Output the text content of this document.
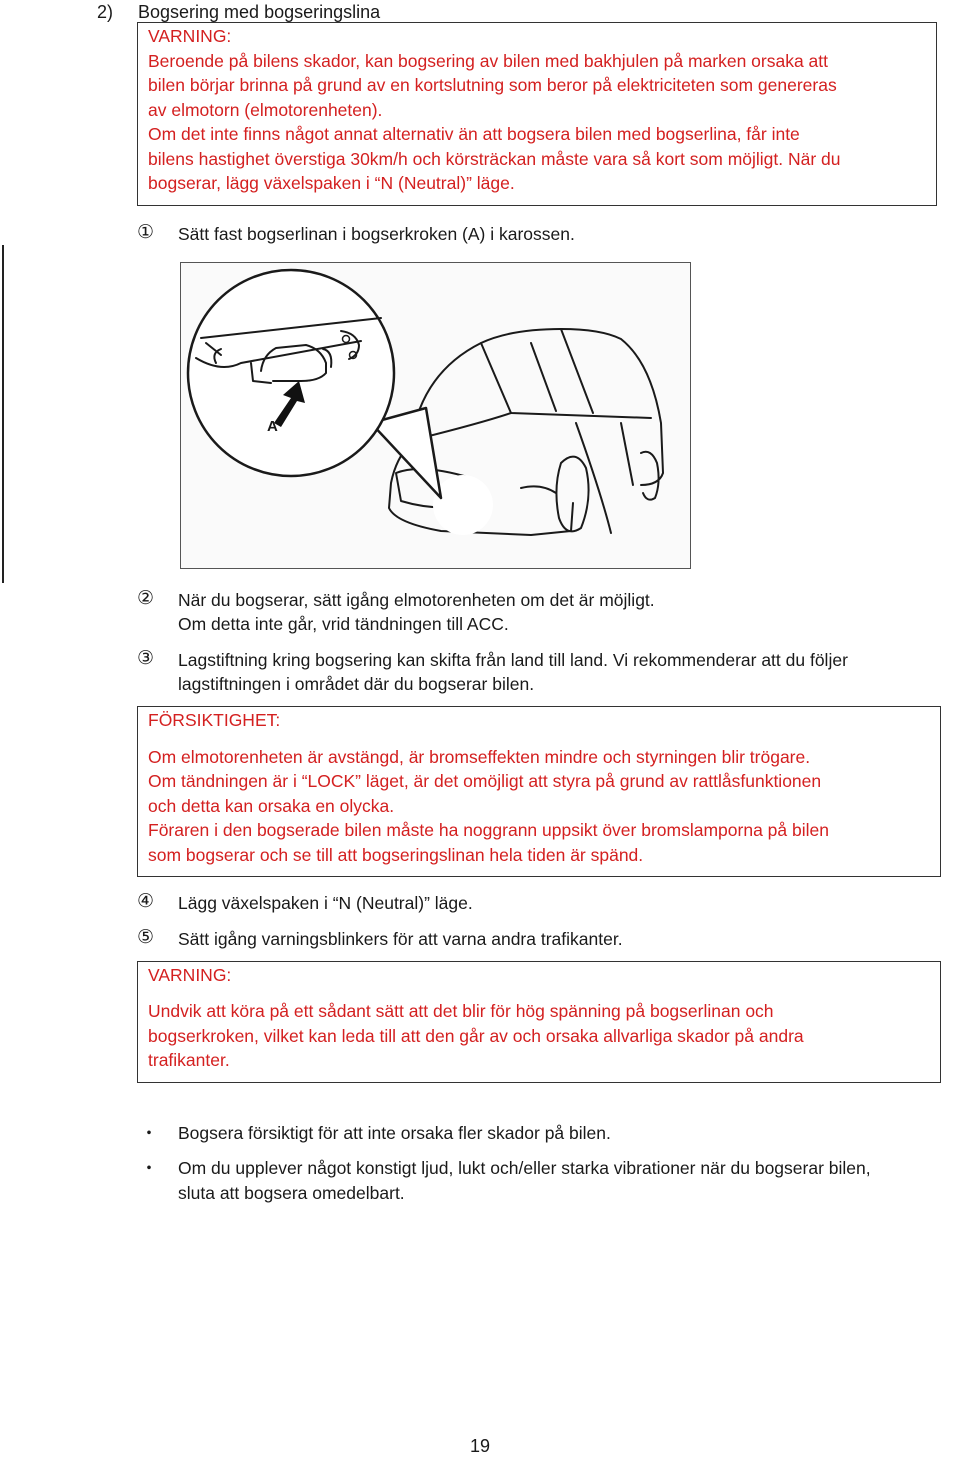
2) Bogsering med bogseringslina
VARNING:
Beroende på bilens skador, kan bogsering av bilen med bakhjulen på marken orsaka att
bilen börjar brinna på grund av en kortslutning som beror på elektriciteten som genereras
av elmotorn (elmotorenheten).
Om det inte finns något annat alternativ än att bogsera bilen med bogserlina, får inte
bilens hastighet överstiga 30km/h och körsträckan måste vara så kort som möjligt. När du
bogserar, lägg växelspaken i “N (Neutral)” läge.
① Sätt fast bogserlinan i bogserkroken (A) i karossen.
A
② När du bogserar, sätt igång elmotorenheten om det är möjligt.
Om detta inte går, vrid tändningen till ACC.
③ Lagstiftning kring bogsering kan skifta från land till land. Vi rekommenderar att du följer
lagstiftningen i området där du bogserar bilen.
FÖRSIKTIGHET:
Om elmotorenheten är avstängd, är bromseffekten mindre och styrningen blir trögare.
Om tändningen är i “LOCK” läget, är det omöjligt att styra på grund av rattlåsfunktionen
och detta kan orsaka en olycka.
Föraren i den bogserade bilen måste ha noggrann uppsikt över bromslamporna på bilen
som bogserar och se till att bogseringslinan hela tiden är spänd.
④ Lägg växelspaken i “N (Neutral)” läge.
⑤ Sätt igång varningsblinkers för att varna andra trafikanter.
VARNING:
Undvik att köra på ett sådant sätt att det blir för hög spänning på bogserlinan och
bogserkroken, vilket kan leda till att den går av och orsaka allvarliga skador på andra
trafikanter.
・ Bogsera försiktigt för att inte orsaka fler skador på bilen.
・ Om du upplever något konstigt ljud, lukt och/eller starka vibrationer när du bogserar bilen,
sluta att bogsera omedelbart.
19
